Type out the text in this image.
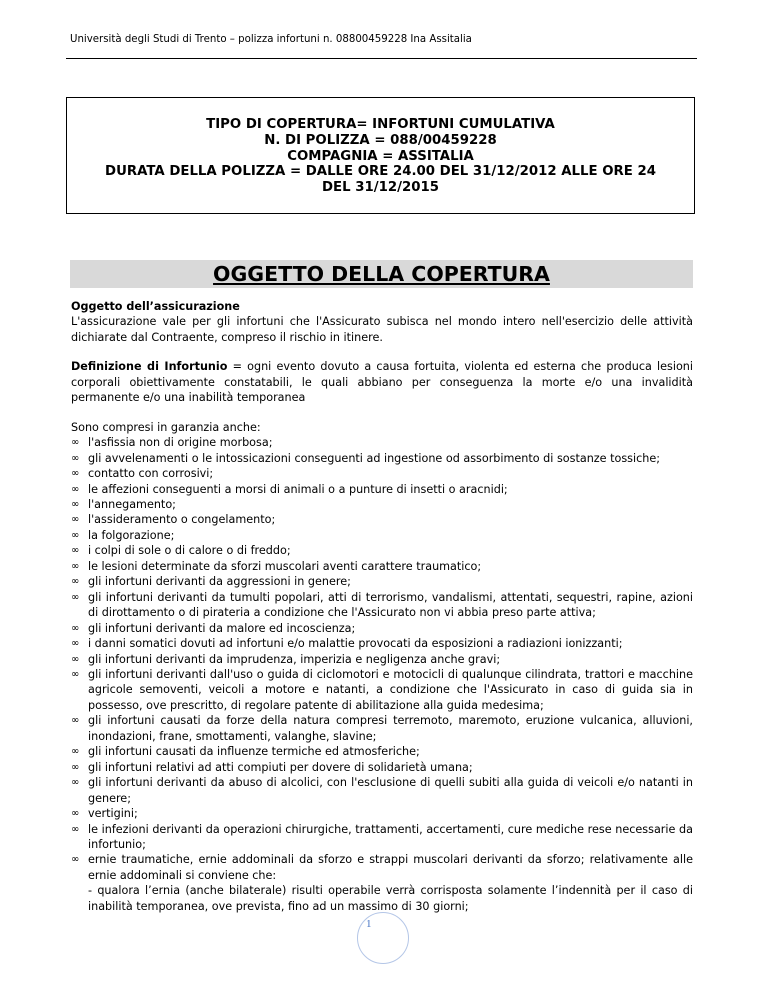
Università degli Studi di Trento – polizza infortuni n. 08800459228 Ina Assitalia
TIPO DI COPERTURA= INFORTUNI CUMULATIVA
N. DI POLIZZA = 088/00459228
COMPAGNIA = ASSITALIA
DURATA DELLA POLIZZA = DALLE ORE 24.00 DEL 31/12/2012 ALLE ORE 24
DEL 31/12/2015
OGGETTO DELLA COPERTURA

Oggetto dell’assicurazione

L'assicurazione vale per gli infortuni che l'Assicurato subisca nel mondo intero nell'esercizio delle attività dichiarate dal Contraente, compreso il rischio in itinere.

Definizione di Infortunio = ogni evento dovuto a causa fortuita, violenta ed esterna che produca lesioni corporali obiettivamente constatabili, le quali abbiano per conseguenza la morte e/o una invalidità permanente e/o una inabilità temporanea

Sono compresi in garanzia anche:

∞ l'asfissia non di origine morbosa;
∞ gli avvelenamenti o le intossicazioni conseguenti ad ingestione od assorbimento di sostanze tossiche;
∞ contatto con corrosivi;
∞ le affezioni conseguenti a morsi di animali o a punture di insetti o aracnidi;
∞ l'annegamento;
∞ l'assideramento o congelamento;
∞ la folgorazione;
∞ i colpi di sole o di calore o di freddo;
∞ le lesioni determinate da sforzi muscolari aventi carattere traumatico;
∞ gli infortuni derivanti da aggressioni in genere;
∞ gli infortuni derivanti da tumulti popolari, atti di terrorismo, vandalismi, attentati, sequestri, rapine, azioni di dirottamento o di pirateria a condizione che l'Assicurato non vi abbia preso parte attiva;
∞ gli infortuni derivanti da malore ed incoscienza;
∞ i danni somatici dovuti ad infortuni e/o malattie provocati da esposizioni a radiazioni ionizzanti;
∞ gli infortuni derivanti da imprudenza, imperizia e negligenza anche gravi;
∞ gli infortuni derivanti dall'uso o guida di ciclomotori e motocicli di qualunque cilindrata, trattori e macchine agricole semoventi, veicoli a motore e natanti, a condizione che l'Assicurato in caso di guida sia in possesso, ove prescritto, di regolare patente di abilitazione alla guida medesima;
∞ gli infortuni causati da forze della natura compresi terremoto, maremoto, eruzione vulcanica, alluvioni, inondazioni, frane, smottamenti, valanghe, slavine;
∞ gli infortuni causati da influenze termiche ed atmosferiche;
∞ gli infortuni relativi ad atti compiuti per dovere di solidarietà umana;
∞ gli infortuni derivanti da abuso di alcolici, con l'esclusione di quelli subiti alla guida di veicoli e/o natanti in genere;
∞ vertigini;
∞ le infezioni derivanti da operazioni chirurgiche, trattamenti, accertamenti, cure mediche rese necessarie da infortunio;
∞ ernie traumatiche, ernie addominali da sforzo e strappi muscolari derivanti da sforzo; relativamente alle ernie addominali si conviene che:
- qualora l’ernia (anche bilaterale) risulti operabile verrà corrisposta solamente l’indennità per il caso di inabilità temporanea, ove prevista, fino ad un massimo di 30 giorni;
1
